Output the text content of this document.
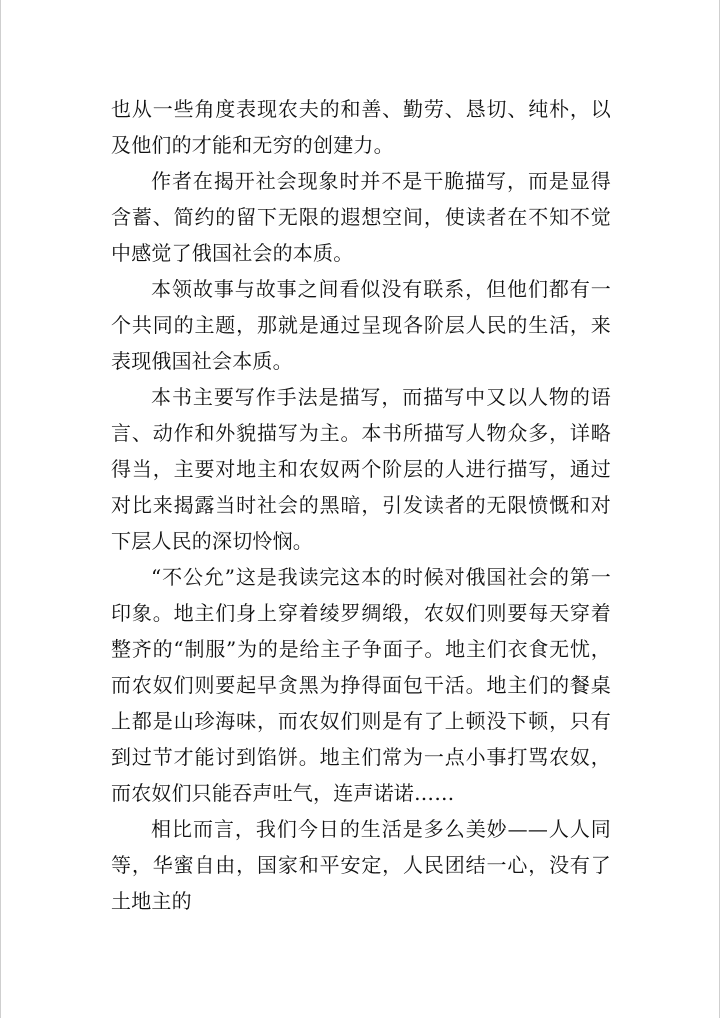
也从一些角度表现农夫的和善、勤劳、恳切、纯朴，以及他们的才能和无穷的创建力。

作者在揭开社会现象时并不是干脆描写，而是显得含蓄、简约的留下无限的遐想空间，使读者在不知不觉中感觉了俄国社会的本质。

本领故事与故事之间看似没有联系，但他们都有一个共同的主题，那就是通过呈现各阶层人民的生活，来表现俄国社会本质。

本书主要写作手法是描写，而描写中又以人物的语言、动作和外貌描写为主。本书所描写人物众多，详略得当，主要对地主和农奴两个阶层的人进行描写，通过对比来揭露当时社会的黑暗，引发读者的无限愤慨和对下层人民的深切怜悯。

“不公允”这是我读完这本的时候对俄国社会的第一印象。地主们身上穿着绫罗绸缎，农奴们则要每天穿着整齐的“制服”为的是给主子争面子。地主们衣食无忧，而农奴们则要起早贪黑为挣得面包干活。地主们的餐桌上都是山珍海味，而农奴们则是有了上顿没下顿，只有到过节才能讨到馅饼。地主们常为一点小事打骂农奴，而农奴们只能吞声吐气，连声诺诺……

相比而言，我们今日的生活是多么美妙——人人同等，华蜜自由，国家和平安定，人民团结一心，没有了土地主的
